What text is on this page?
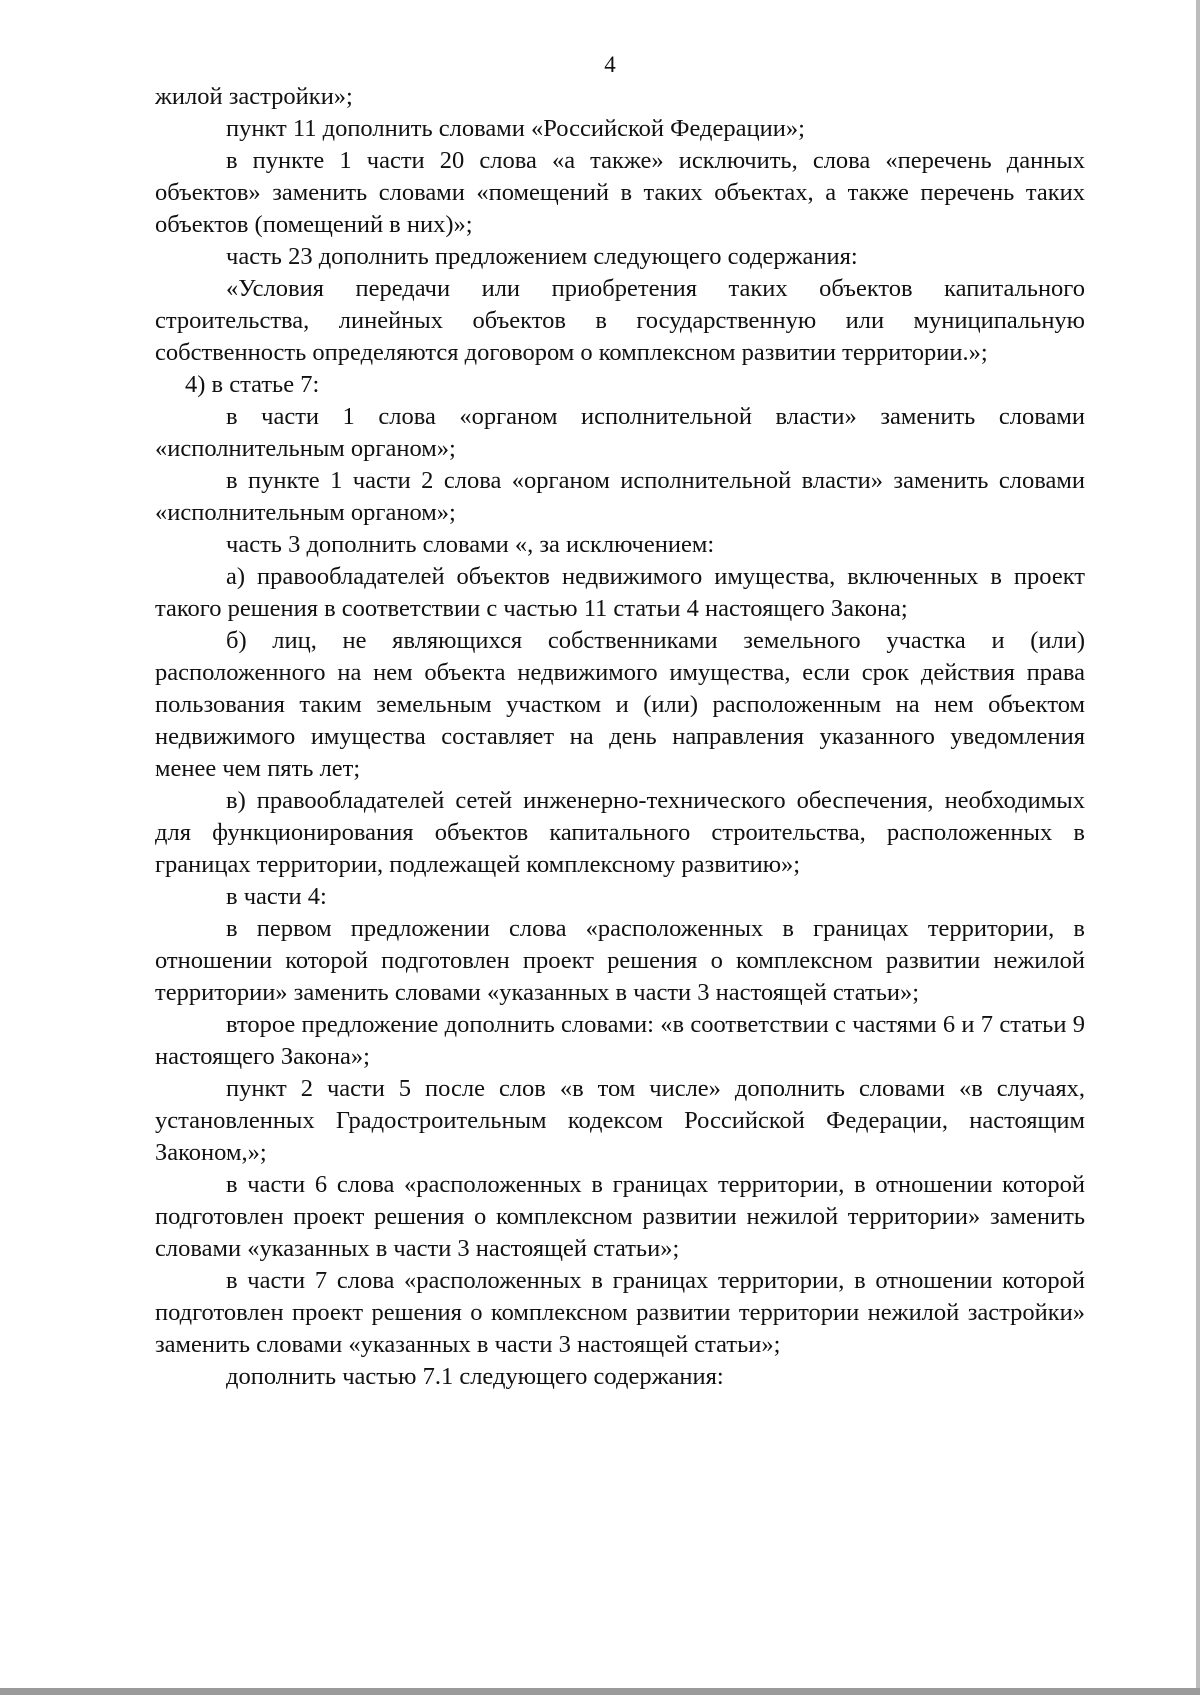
4

жилой застройки»;

пункт 11 дополнить словами «Российской Федерации»;

в пункте 1 части 20 слова «а также» исключить, слова «перечень данных объектов» заменить словами «помещений в таких объектах, а также перечень таких объектов (помещений в них)»;

часть 23 дополнить предложением следующего содержания:

«Условия передачи или приобретения таких объектов капитального строительства, линейных объектов в государственную или муниципальную собственность определяются договором о комплексном развитии территории.»;

4) в статье 7:

в части 1 слова «органом исполнительной власти» заменить словами «исполнительным органом»;

в пункте 1 части 2 слова «органом исполнительной власти» заменить словами «исполнительным органом»;

часть 3 дополнить словами «, за исключением:

а) правообладателей объектов недвижимого имущества, включенных в проект такого решения в соответствии с частью 11 статьи 4 настоящего Закона;

б) лиц, не являющихся собственниками земельного участка и (или) расположенного на нем объекта недвижимого имущества, если срок действия права пользования таким земельным участком и (или) расположенным на нем объектом недвижимого имущества составляет на день направления указанного уведомления менее чем пять лет;

в) правообладателей сетей инженерно-технического обеспечения, необходимых для функционирования объектов капитального строительства, расположенных в границах территории, подлежащей комплексному развитию»;

в части 4:

в первом предложении слова «расположенных в границах территории, в отношении которой подготовлен проект решения о комплексном развитии нежилой территории» заменить словами «указанных в части 3 настоящей статьи»;

второе предложение дополнить словами: «в соответствии с частями 6 и 7 статьи 9 настоящего Закона»;

пункт 2 части 5 после слов «в том числе» дополнить словами «в случаях, установленных Градостроительным кодексом Российской Федерации, настоящим Законом,»;

в части 6 слова «расположенных в границах территории, в отношении которой подготовлен проект решения о комплексном развитии нежилой территории» заменить словами «указанных в части 3 настоящей статьи»;

в части 7 слова «расположенных в границах территории, в отношении которой подготовлен проект решения о комплексном развитии территории нежилой застройки» заменить словами «указанных в части 3 настоящей статьи»;

дополнить частью 7.1 следующего содержания:
